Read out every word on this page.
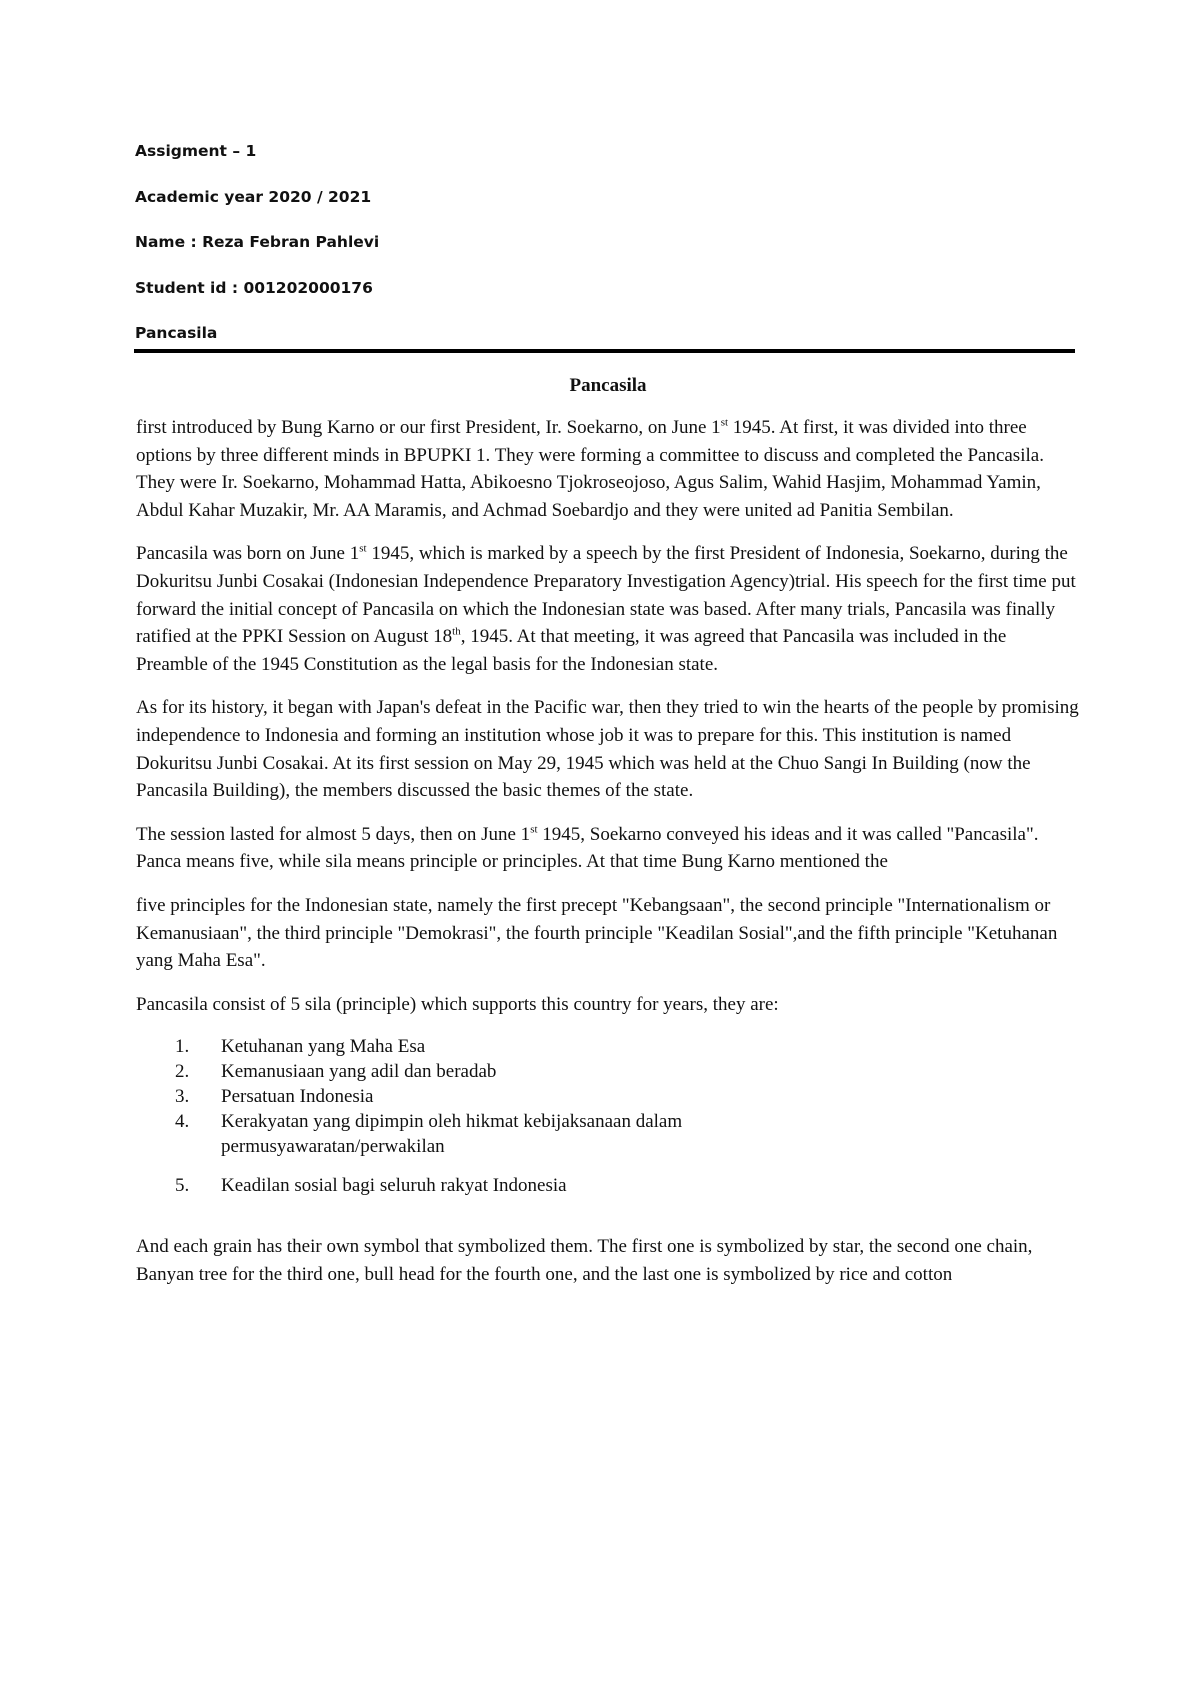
Assigment – 1
Academic year 2020 / 2021
Name : Reza Febran Pahlevi
Student id : 001202000176
Pancasila
Pancasila

first introduced by Bung Karno or our first President, Ir. Soekarno, on June 1st 1945. At first, it was divided into three options by three different minds in BPUPKI 1. They were forming a committee to discuss and completed the Pancasila. They were Ir. Soekarno, Mohammad Hatta, Abikoesno Tjokroseojoso, Agus Salim, Wahid Hasjim, Mohammad Yamin, Abdul Kahar Muzakir, Mr. AA Maramis, and Achmad Soebardjo and they were united ad Panitia Sembilan.

Pancasila was born on June 1st 1945, which is marked by a speech by the first President of Indonesia, Soekarno, during the Dokuritsu Junbi Cosakai (Indonesian Independence Preparatory Investigation Agency)trial. His speech for the first time put forward the initial concept of Pancasila on which the Indonesian state was based. After many trials, Pancasila was finally ratified at the PPKI Session on August 18th, 1945. At that meeting, it was agreed that Pancasila was included in the Preamble of the 1945 Constitution as the legal basis for the Indonesian state.

As for its history, it began with Japan's defeat in the Pacific war, then they tried to win the hearts of the people by promising independence to Indonesia and forming an institution whose job it was to prepare for this. This institution is named Dokuritsu Junbi Cosakai. At its first session on May 29, 1945 which was held at the Chuo Sangi In Building (now the Pancasila Building), the members discussed the basic themes of the state.

The session lasted for almost 5 days, then on June 1st 1945, Soekarno conveyed his ideas and it was called "Pancasila". Panca means five, while sila means principle or principles. At that time Bung Karno mentioned the

five principles for the Indonesian state, namely the first precept "Kebangsaan", the second principle "Internationalism or Kemanusiaan", the third principle "Demokrasi", the fourth principle "Keadilan Sosial",and the fifth principle "Ketuhanan yang Maha Esa".

Pancasila consist of 5 sila (principle) which supports this country for years, they are:

1.	Ketuhanan yang Maha Esa
2.	Kemanusiaan yang adil dan beradab
3.	Persatuan Indonesia
4.	Kerakyatan yang dipimpin oleh hikmat kebijaksanaan dalam permusyawaratan/perwakilan
5.	Keadilan sosial bagi seluruh rakyat Indonesia

And each grain has their own symbol that symbolized them. The first one is symbolized by star, the second one chain, Banyan tree for the third one, bull head for the fourth one, and the last one is symbolized by rice and cotton
